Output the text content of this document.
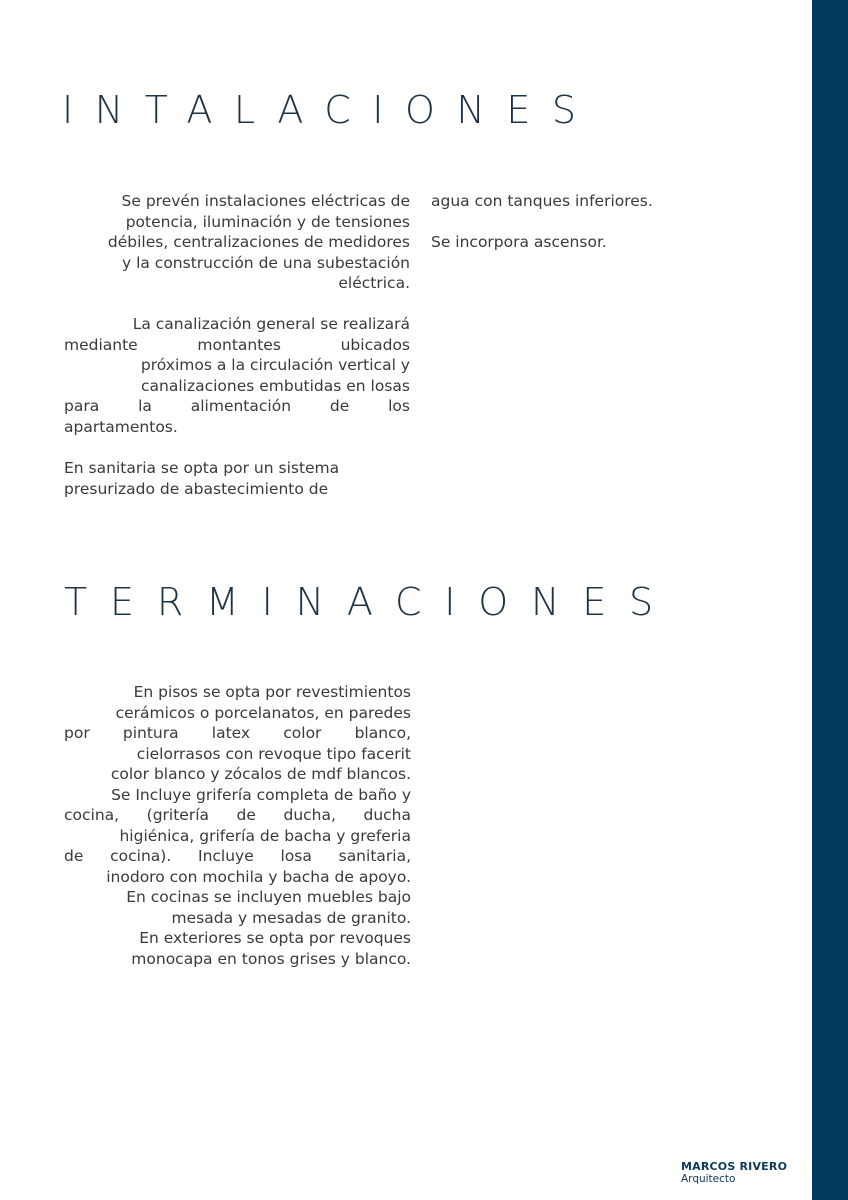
INTALACIONES
Se prevén instalaciones eléctricas de
potencia, iluminación y de tensiones
débiles, centralizaciones de medidores
y la construcción de una subestación
eléctrica.
La canalización general se realizará
mediante montantes ubicados
próximos a la circulación vertical y
canalizaciones embutidas en losas
para la alimentación de los
apartamentos.
En sanitaria se opta por un sistema
presurizado de abastecimiento de
agua con tanques inferiores.
Se incorpora ascensor.
TERMINACIONES
En pisos se opta por revestimientos
cerámicos o porcelanatos, en paredes
por pintura latex color blanco,
cielorrasos con revoque tipo facerit
color blanco y zócalos de mdf blancos.
Se Incluye grifería completa de baño y
cocina, (gritería de ducha, ducha
higiénica, grifería de bacha y greferia
de cocina). Incluye losa sanitaria,
inodoro con mochila y bacha de apoyo.
En cocinas se incluyen muebles bajo
mesada y mesadas de granito.
En exteriores se opta por revoques
monocapa en tonos grises y blanco.
MARCOS RIVERO
Arquitecto
